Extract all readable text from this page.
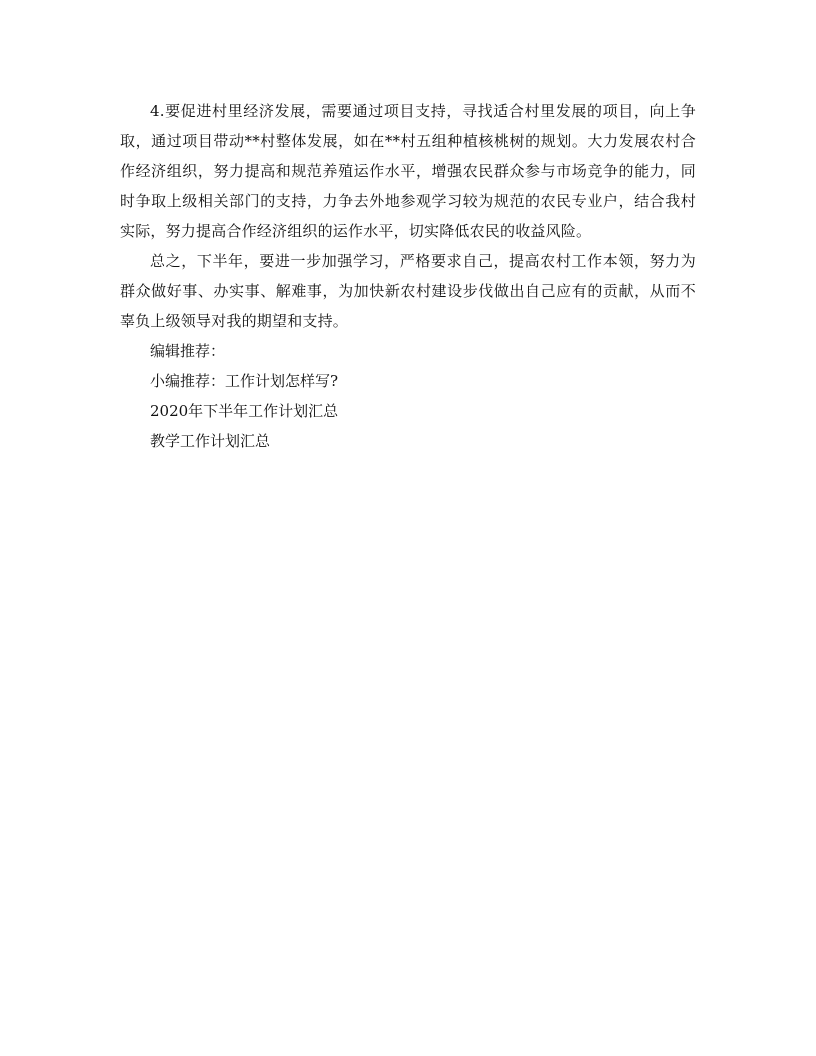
4.要促进村里经济发展，需要通过项目支持，寻找适合村里发展的项目，向上争取，通过项目带动**村整体发展，如在**村五组种植核桃树的规划。大力发展农村合作经济组织，努力提高和规范养殖运作水平，增强农民群众参与市场竞争的能力，同时争取上级相关部门的支持，力争去外地参观学习较为规范的农民专业户，结合我村实际，努力提高合作经济组织的运作水平，切实降低农民的收益风险。

总之，下半年，要进一步加强学习，严格要求自己，提高农村工作本领，努力为群众做好事、办实事、解难事，为加快新农村建设步伐做出自己应有的贡献，从而不辜负上级领导对我的期望和支持。

编辑推荐：

小编推荐：工作计划怎样写?

2020年下半年工作计划汇总

教学工作计划汇总
